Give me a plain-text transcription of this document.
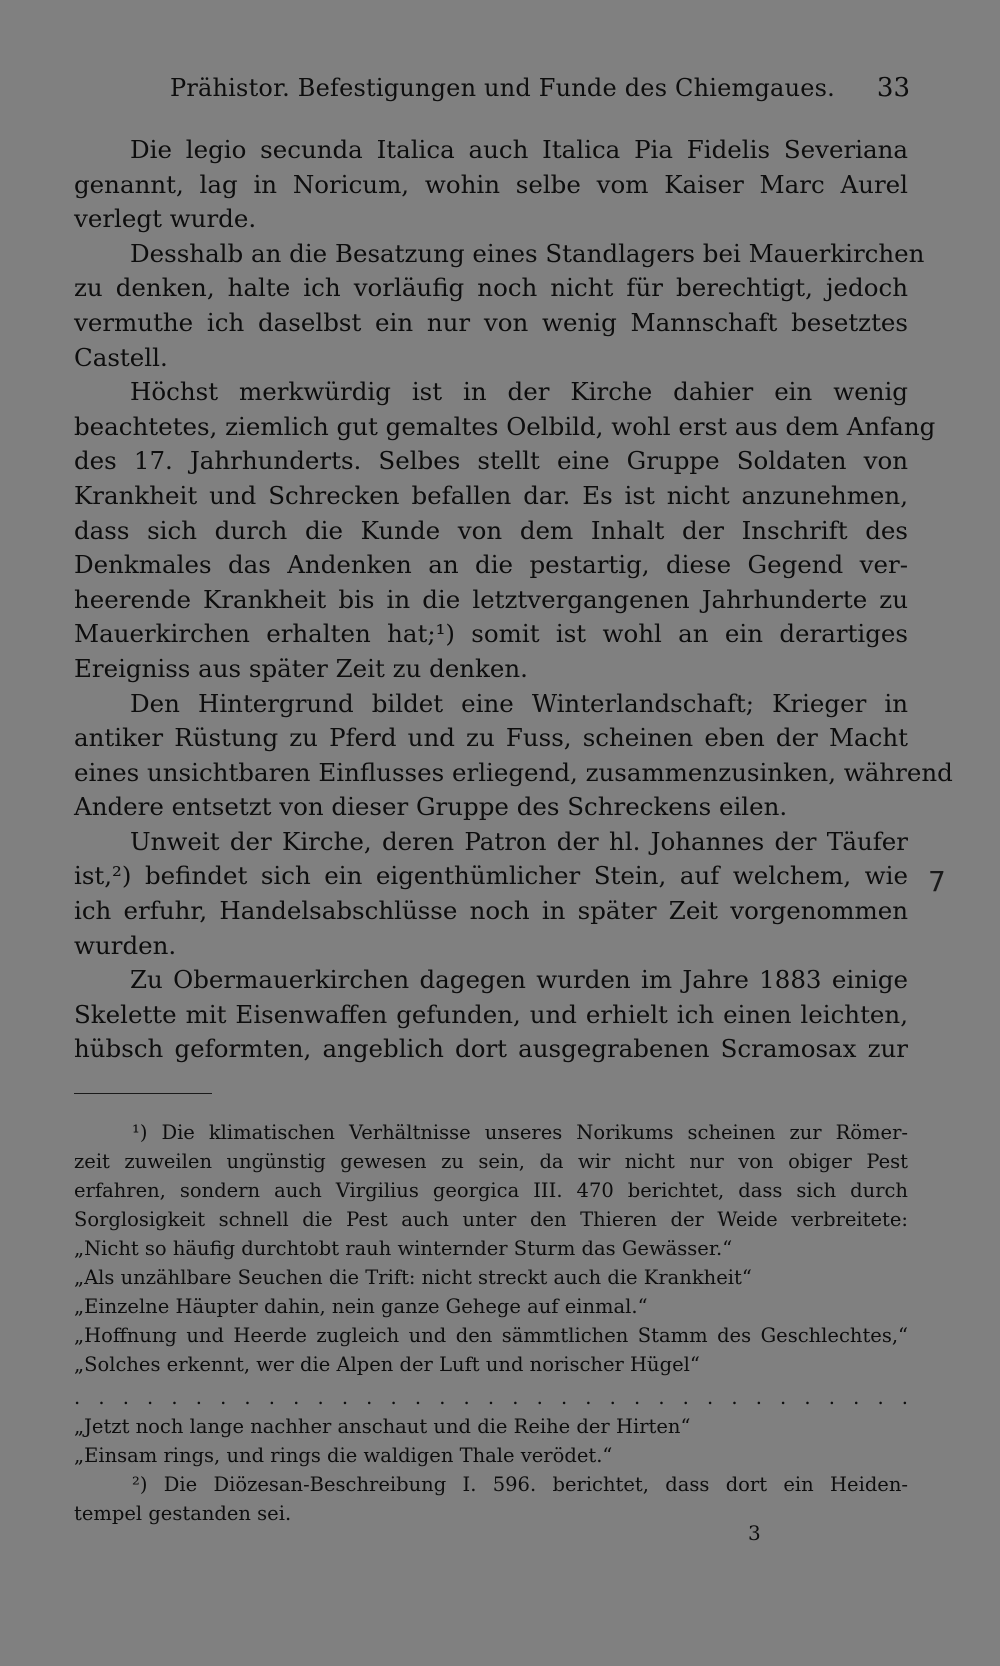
Prähistor. Befestigungen und Funde des Chiemgaues. 33
Die legio secunda Italica auch Italica Pia Fidelis Severiana
genannt, lag in Noricum, wohin selbe vom Kaiser Marc Aurel
verlegt wurde.
Desshalb an die Besatzung eines Standlagers bei Mauerkirchen
zu denken, halte ich vorläufig noch nicht für berechtigt, jedoch
vermuthe ich daselbst ein nur von wenig Mannschaft besetztes
Castell.
Höchst merkwürdig ist in der Kirche dahier ein wenig
beachtetes, ziemlich gut gemaltes Oelbild, wohl erst aus dem Anfang
des 17. Jahrhunderts. Selbes stellt eine Gruppe Soldaten von
Krankheit und Schrecken befallen dar. Es ist nicht anzunehmen,
dass sich durch die Kunde von dem Inhalt der Inschrift des
Denkmales das Andenken an die pestartig, diese Gegend ver-
heerende Krankheit bis in die letztvergangenen Jahrhunderte zu
Mauerkirchen erhalten hat;¹) somit ist wohl an ein derartiges
Ereigniss aus später Zeit zu denken.
Den Hintergrund bildet eine Winterlandschaft; Krieger in
antiker Rüstung zu Pferd und zu Fuss, scheinen eben der Macht
eines unsichtbaren Einflusses erliegend, zusammenzusinken, während
Andere entsetzt von dieser Gruppe des Schreckens eilen.
Unweit der Kirche, deren Patron der hl. Johannes der Täufer
ist,²) befindet sich ein eigenthümlicher Stein, auf welchem, wie
ich erfuhr, Handelsabschlüsse noch in später Zeit vorgenommen
wurden.
Zu Obermauerkirchen dagegen wurden im Jahre 1883 einige
Skelette mit Eisenwaffen gefunden, und erhielt ich einen leichten,
hübsch geformten, angeblich dort ausgegrabenen Scramosax zur
7
¹) Die klimatischen Verhältnisse unseres Norikums scheinen zur Römer-
zeit zuweilen ungünstig gewesen zu sein, da wir nicht nur von obiger Pest
erfahren, sondern auch Virgilius georgica III. 470 berichtet, dass sich durch
Sorglosigkeit schnell die Pest auch unter den Thieren der Weide verbreitete:
„Nicht so häufig durchtobt rauh winternder Sturm das Gewässer.“
„Als unzählbare Seuchen die Trift: nicht streckt auch die Krankheit“
„Einzelne Häupter dahin, nein ganze Gehege auf einmal.“
„Hoffnung und Heerde zugleich und den sämmtlichen Stamm des Geschlechtes,“
„Solches erkennt, wer die Alpen der Luft und norischer Hügel“
. . . . . . . . . . . . . . . . . . . . . . . . . . . . . . . . . . .
„Jetzt noch lange nachher anschaut und die Reihe der Hirten“
„Einsam rings, und rings die waldigen Thale verödet.“
²) Die Diözesan-Beschreibung I. 596. berichtet, dass dort ein Heiden-
tempel gestanden sei.
3
